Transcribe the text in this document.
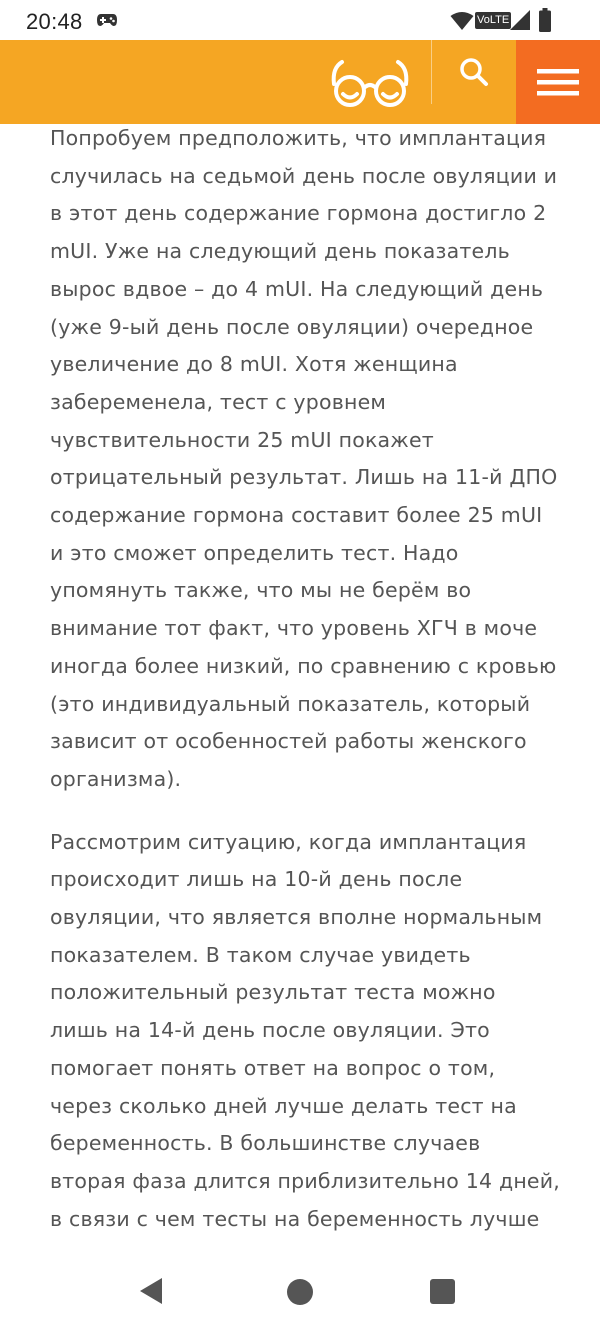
20:48	VoLTE

Попробуем предположить, что имплантация случилась на седьмой день после овуляции и в этот день содержание гормона достигло 2 mUI. Уже на следующий день показатель вырос вдвое – до 4 mUI. На следующий день (уже 9-ый день после овуляции) очередное увеличение до 8 mUI. Хотя женщина забеременела, тест с уровнем чувствительности 25 mUI покажет отрицательный результат. Лишь на 11-й ДПО содержание гормона составит более 25 mUI и это сможет определить тест. Надо упомянуть также, что мы не берём во внимание тот факт, что уровень ХГЧ в моче иногда более низкий, по сравнению с кровью (это индивидуальный показатель, который зависит от особенностей работы женского организма).

Рассмотрим ситуацию, когда имплантация происходит лишь на 10-й день после овуляции, что является вполне нормальным показателем. В таком случае увидеть положительный результат теста можно лишь на 14-й день после овуляции. Это помогает понять ответ на вопрос о том, через сколько дней лучше делать тест на беременность. В большинстве случаев вторая фаза длится приблизительно 14 дней, в связи с чем тесты на беременность лучше
